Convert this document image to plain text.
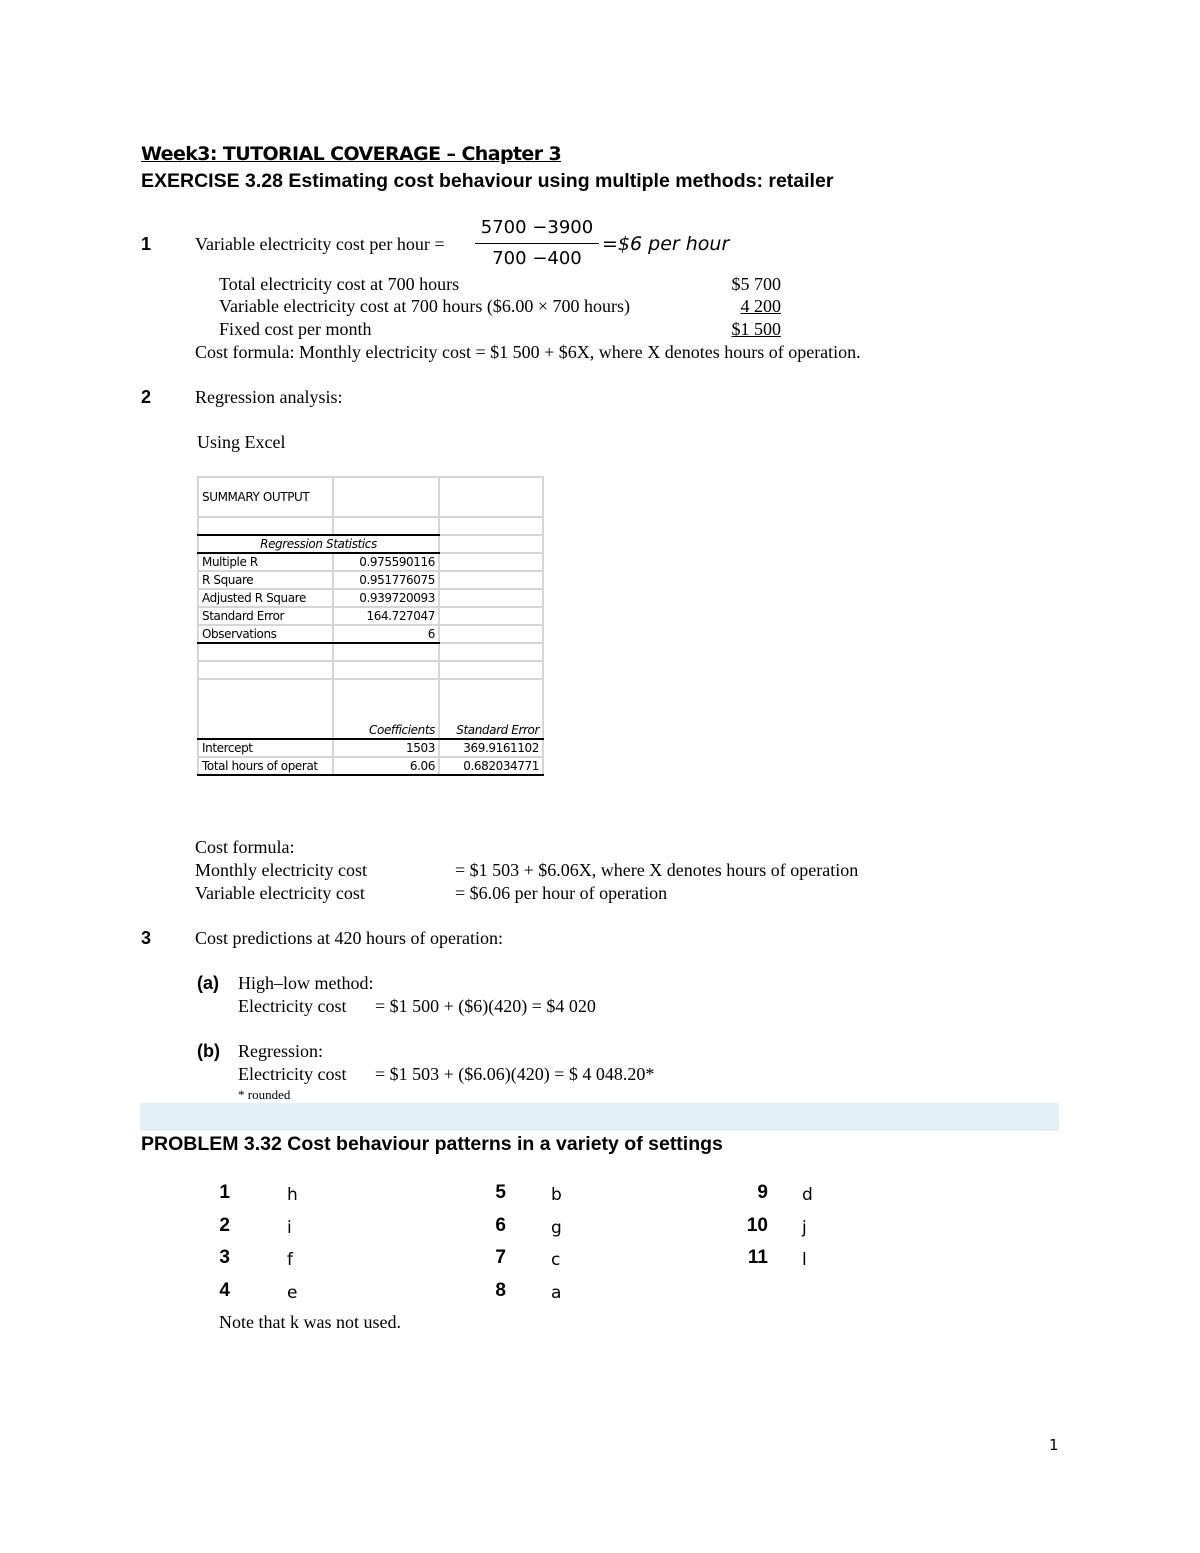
Week3: TUTORIAL COVERAGE – Chapter 3
EXERCISE 3.28 Estimating cost behaviour using multiple methods: retailer
1 Variable electricity cost per hour =
5700 −3900
700 −400
=$6 per hour
Total electricity cost at 700 hours	$5 700
Variable electricity cost at 700 hours ($6.00 × 700 hours)	4 200
Fixed cost per month	$1 500
Cost formula: Monthly electricity cost = $1 500 + $6X, where X denotes hours of operation.
2 Regression analysis:
Using Excel
SUMMARY OUTPUT		

Regression Statistics		
Multiple R	0.975590116	
R Square	0.951776075	
Adjusted R Square	0.939720093	
Standard Error	164.727047	
Observations	6	

	Coefficients	Standard Error
Intercept	1503	369.9161102
Total hours of operat	6.06	0.682034771
Cost formula:
Monthly electricity cost	= $1 503 + $6.06X, where X denotes hours of operation
Variable electricity cost	= $6.06 per hour of operation
3 Cost predictions at 420 hours of operation:
(a) High–low method:
Electricity cost = $1 500 + ($6)(420) = $4 020
(b) Regression:
Electricity cost = $1 503 + ($6.06)(420) = $ 4 048.20*
* rounded
PROBLEM 3.32 Cost behaviour patterns in a variety of settings
1	h
2	i
3	f
4	e
5	b
6	g
7	c
8	a
9 d
10 j
11 l
Note that k was not used.
1
